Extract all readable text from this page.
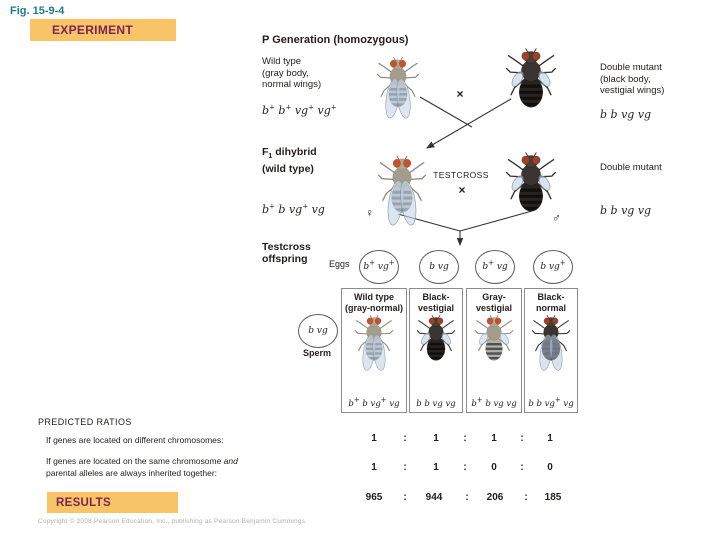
Fig. 15-9-4
EXPERIMENT
P Generation (homozygous)
Wild type
(gray body,
normal wings)
b+ b+ vg+ vg+
×
Double mutant
(black body,
vestigial wings)
b b vg vg
$F_1$ dihybrid
(wild type)
b+ b vg+ vg	♀
TESTCROSS
×
♂
Double mutant
b b vg vg
Testcross
offspring	Eggs b+ vg+	b vg	b+ vg	b vg+
b vg
Sperm
Wild type
(gray-normal)
b+ b vg+ vg
Black-
vestigial
b b vg vg
Gray-
vestigial
b+ b vg vg
Black-
normal
b b vg+ vg
PREDICTED RATIOS
If genes are located on different chromosomes:	1	:	1 : 1 : 1
If genes are located on the same chromosome and parental alleles are always inherited together:	1	:	1 : 0 : 0
RESULTS	965 : 944 : 206 : 185
Copyright © 2008 Pearson Education, Inc., publishing as Pearson Benjamin Cummings.
